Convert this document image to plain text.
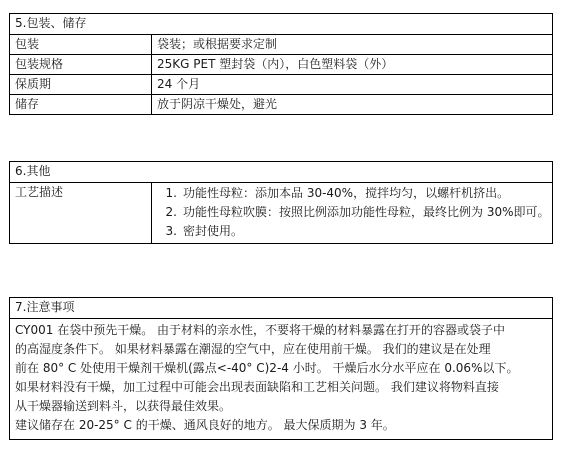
5.包装、储存	
包装	袋装；或根据要求定制
包装规格	25KG PET 塑封袋（内），白色塑料袋（外）
保质期	24 个月
储存	放于阴凉干燥处，避光
6.其他
工艺描述	1. 功能性母粒：添加本品 30-40%，搅拌均匀，以螺杆机挤出。
2. 功能性母粒吹膜：按照比例添加功能性母粒，最终比例为 30%即可。
3. 密封使用。
7.注意事项

CY001 在袋中预先干燥。 由于材料的亲水性，不要将干燥的材料暴露在打开的容器或袋子中
的高湿度条件下。 如果材料暴露在潮湿的空气中，应在使用前干燥。 我们的建议是在处理
前在 80° C 处使用干燥剂干燥机(露点<-40° C)2-4 小时。 干燥后水分水平应在 0.06%以下。
如果材料没有干燥，加工过程中可能会出现表面缺陷和工艺相关问题。 我们建议将物料直接
从干燥器输送到料斗，以获得最佳效果。
建议储存在 20-25° C 的干燥、通风良好的地方。 最大保质期为 3 年。
